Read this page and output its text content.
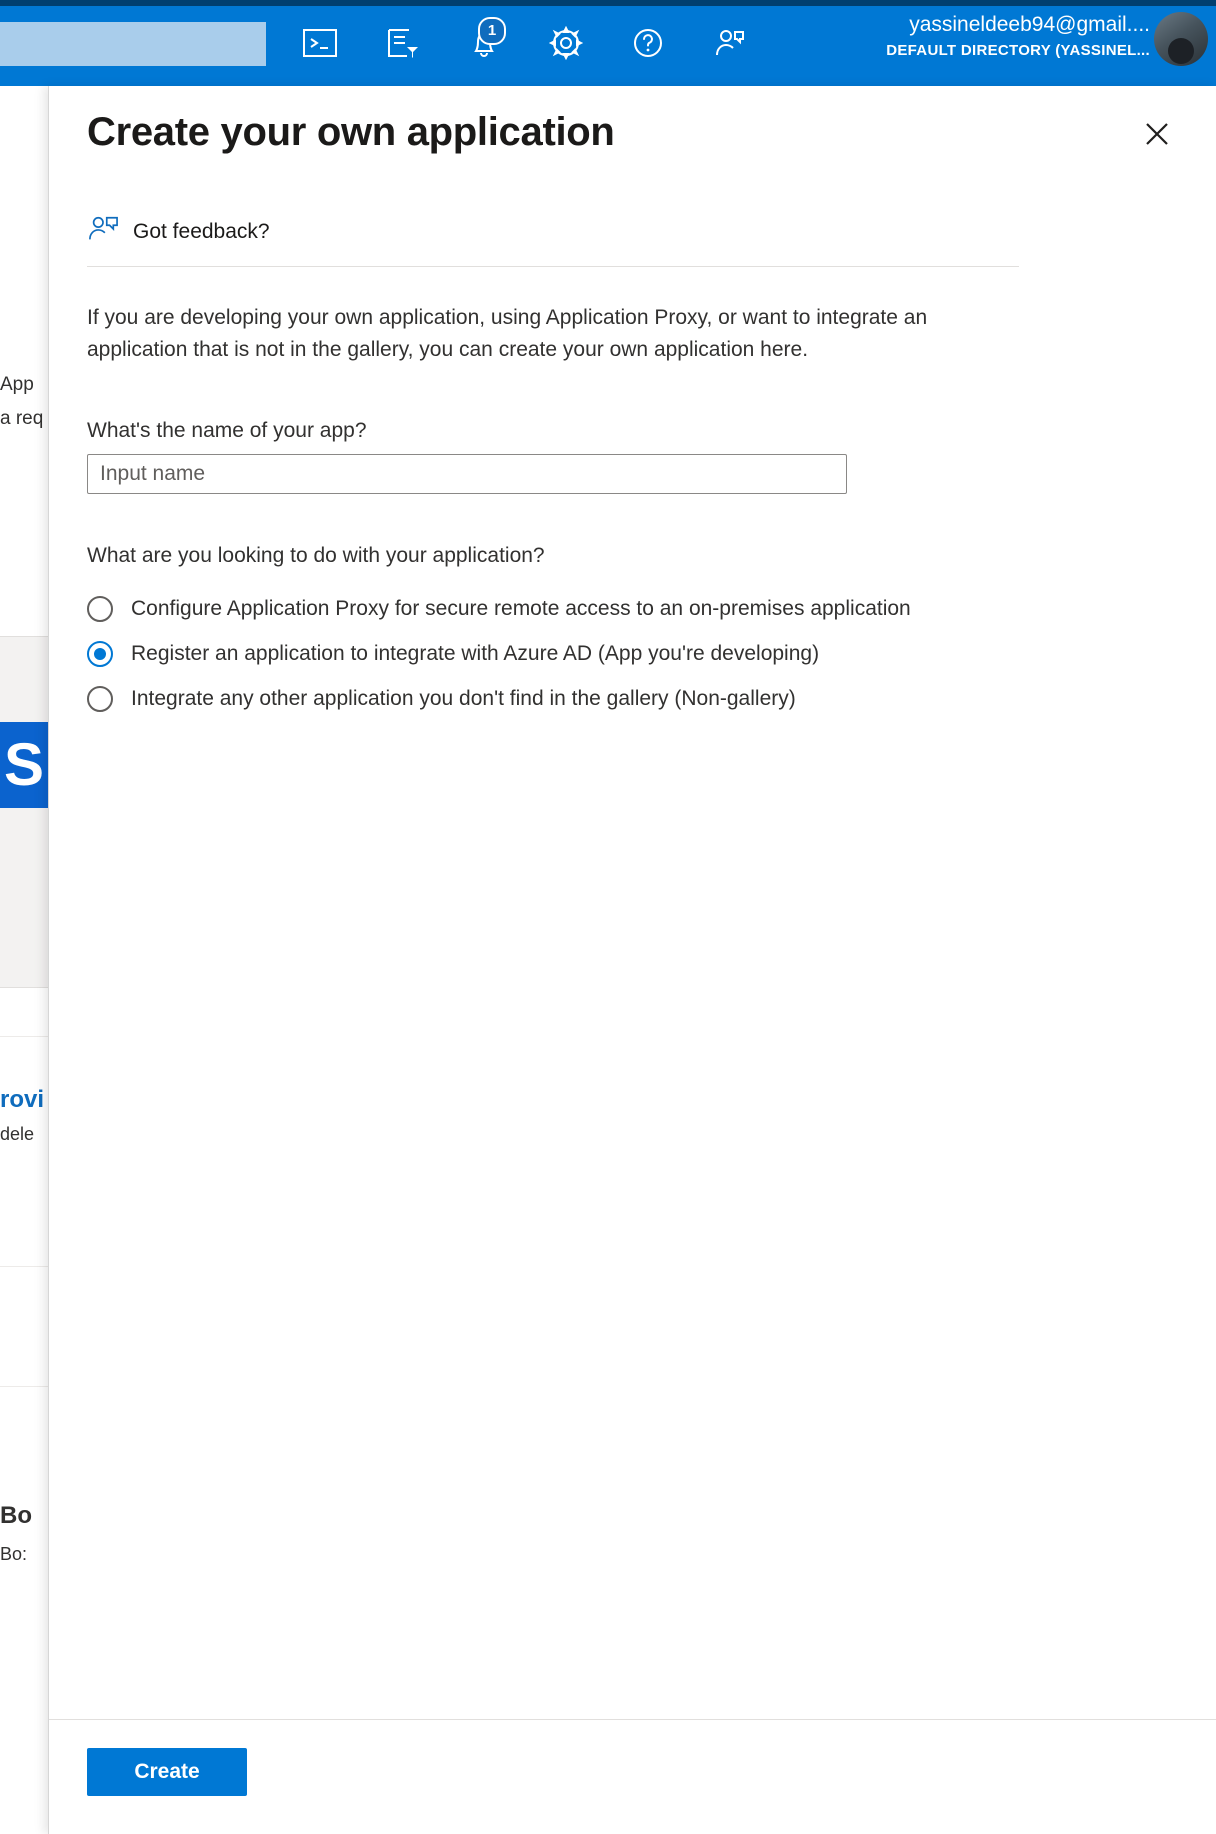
1	yassineldeeb94@gmail....
DEFAULT DIRECTORY (YASSINEL...
App
a req
S
rovi
dele
Bo
Bo:
Create your own application
Got feedback?
If you are developing your own application, using Application Proxy, or want to integrate an application that is not in the gallery, you can create your own application here.
What's the name of your app?
Input name
What are you looking to do with your application?
Configure Application Proxy for secure remote access to an on-premises application
Register an application to integrate with Azure AD (App you're developing)
Integrate any other application you don't find in the gallery (Non-gallery)
Create
